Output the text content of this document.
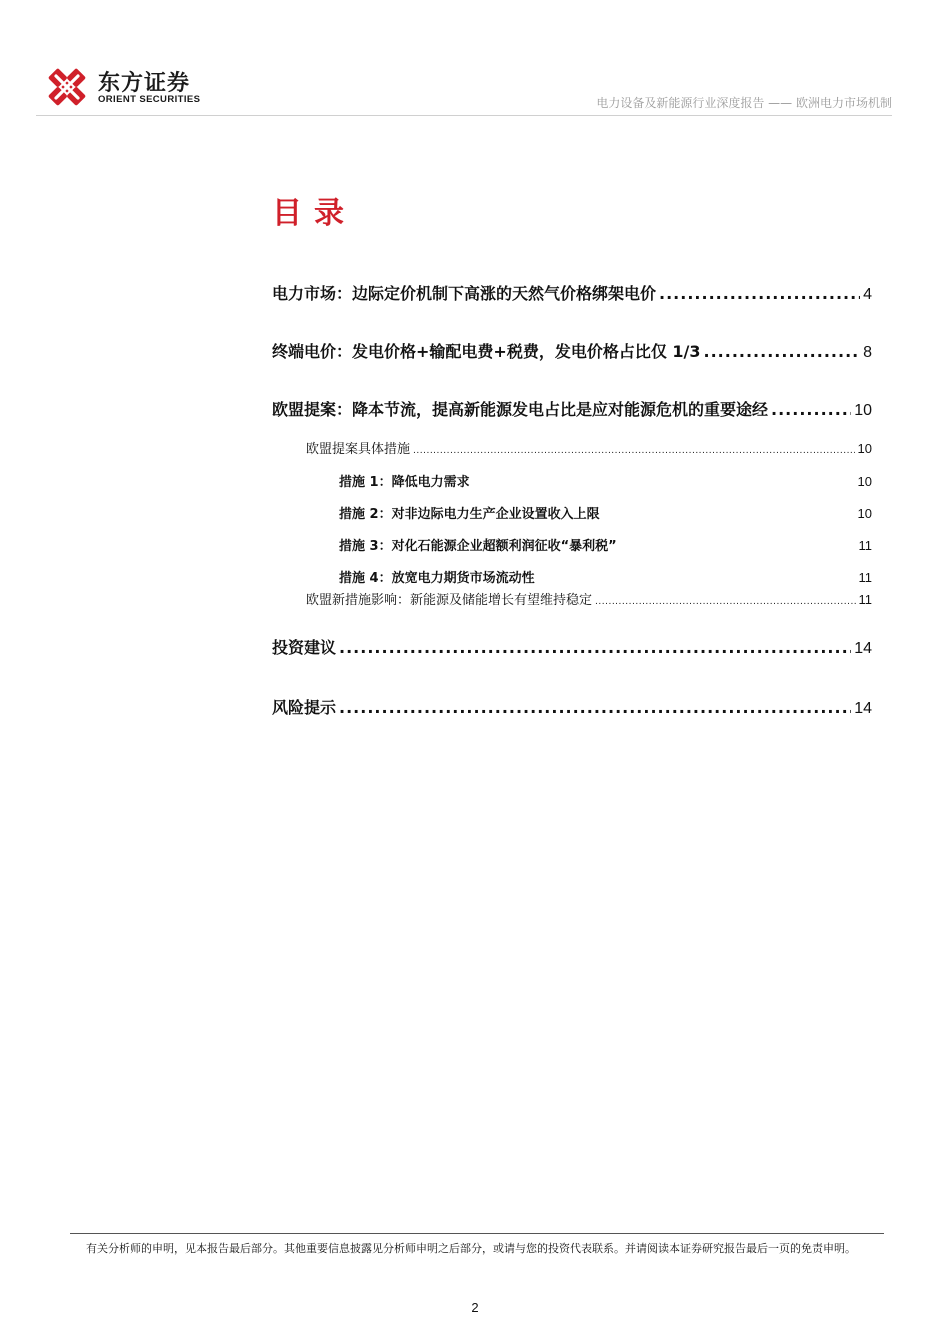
东方证券
ORIENT SECURITIES	电力设备及新能源行业深度报告 —— 欧洲电力市场机制
目录
电力市场：边际定价机制下高涨的天然气价格绑架电价 .....	4
终端电价：发电价格+输配电费+税费，发电价格占比仅 1/3 .....	8
欧盟提案：降本节流，提高新能源发电占比是应对能源危机的重要途经 .....	10
欧盟提案具体措施 .....	10
措施 1：降低电力需求	10
措施 2：对非边际电力生产企业设置收入上限	10
措施 3：对化石能源企业超额利润征收“暴利税”	11
措施 4：放宽电力期货市场流动性	11
欧盟新措施影响：新能源及储能增长有望维持稳定 .....	11
投资建议 .....	14
风险提示 .....	14
有关分析师的申明，见本报告最后部分。其他重要信息披露见分析师申明之后部分，或请与您的投资代表联系。并请阅读本证券研究报告最后一页的免责申明。
2
